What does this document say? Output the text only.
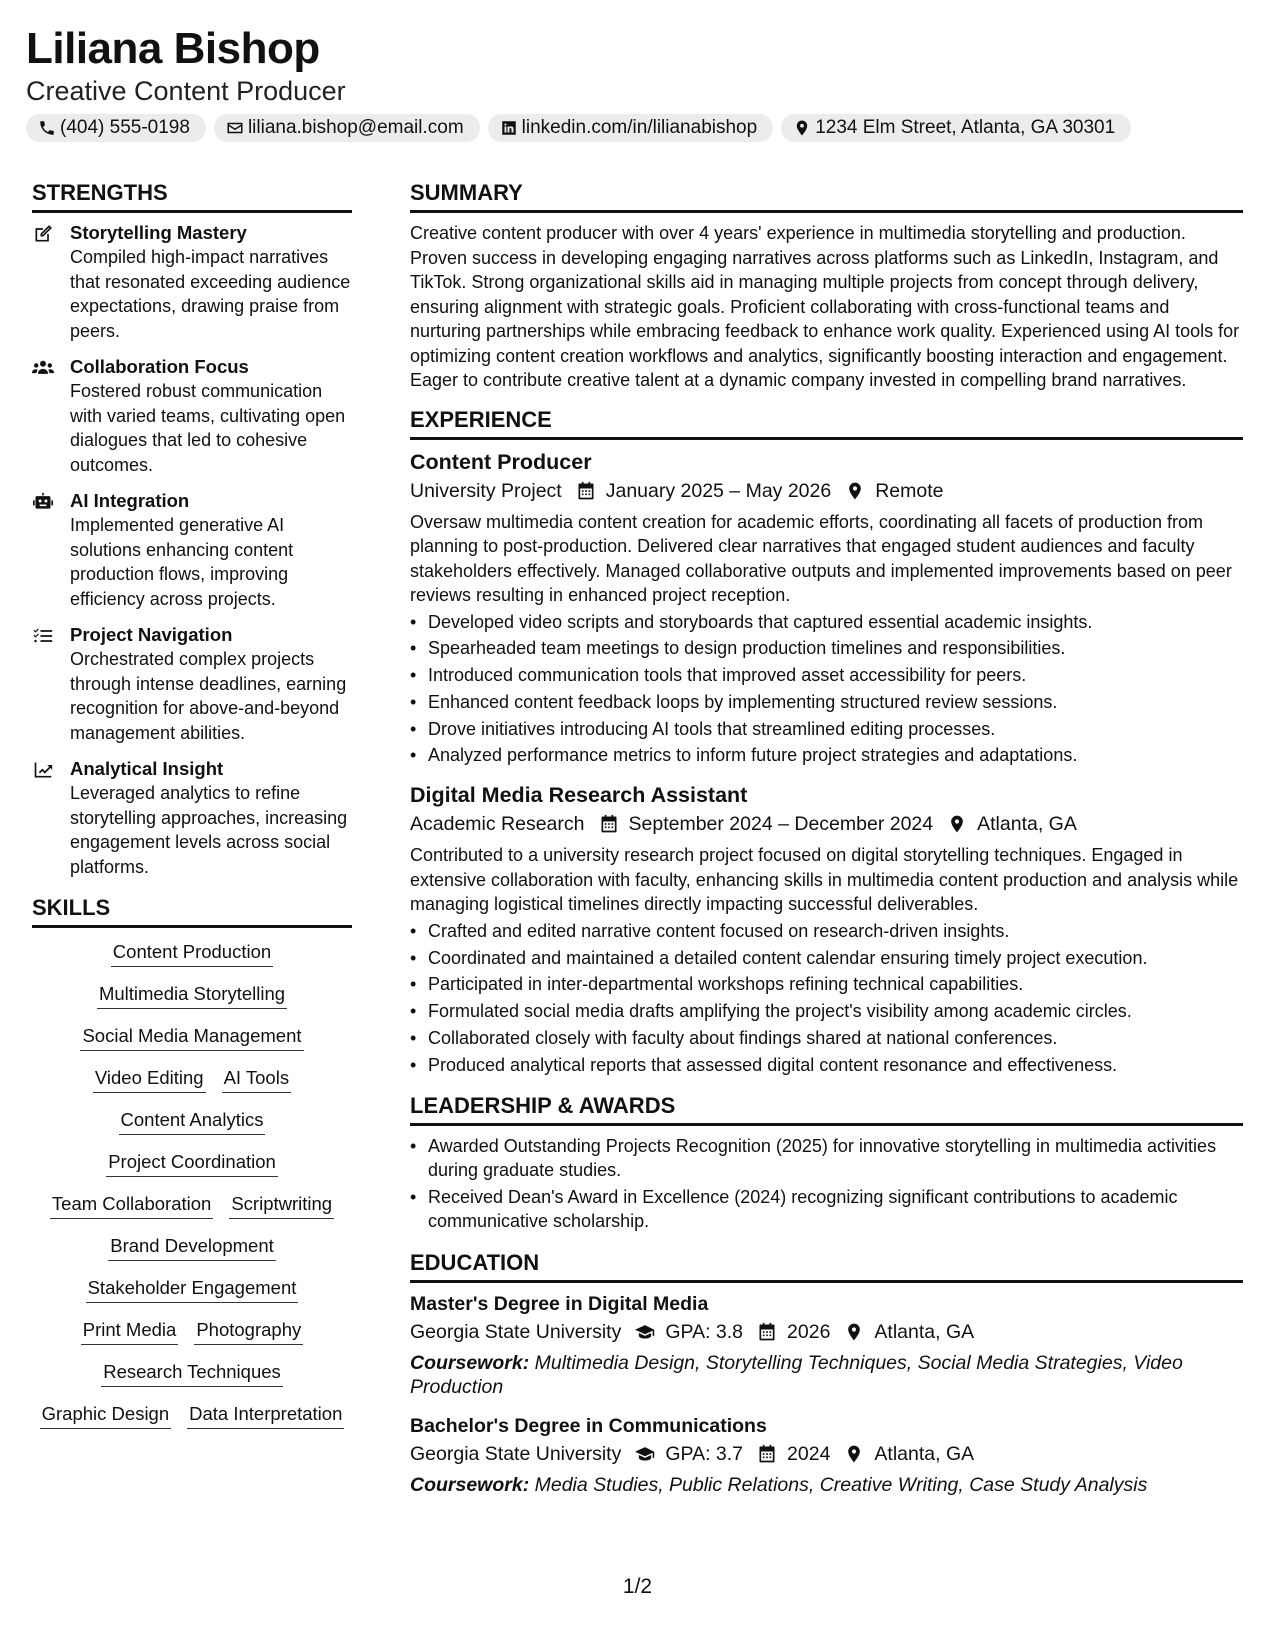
Liliana Bishop
Creative Content Producer
(404) 555-0198	liliana.bishop@email.com	linkedin.com/in/lilianabishop	1234 Elm Street, Atlanta, GA 30301
STRENGTHS
Storytelling Mastery
Compiled high-impact narratives that resonated exceeding audience expectations, drawing praise from peers.
Collaboration Focus
Fostered robust communication with varied teams, cultivating open dialogues that led to cohesive outcomes.
AI Integration
Implemented generative AI solutions enhancing content production flows, improving efficiency across projects.
Project Navigation
Orchestrated complex projects through intense deadlines, earning recognition for above-and-beyond management abilities.
Analytical Insight
Leveraged analytics to refine storytelling approaches, increasing engagement levels across social platforms.
SKILLS
Content Production
Multimedia Storytelling
Social Media Management
Video Editing AI Tools
Content Analytics
Project Coordination
Team Collaboration Scriptwriting
Brand Development
Stakeholder Engagement
Print Media Photography
Research Techniques
Graphic Design Data Interpretation
SUMMARY
Creative content producer with over 4 years' experience in multimedia storytelling and production. Proven success in developing engaging narratives across platforms such as LinkedIn, Instagram, and TikTok. Strong organizational skills aid in managing multiple projects from concept through delivery, ensuring alignment with strategic goals. Proficient collaborating with cross-functional teams and nurturing partnerships while embracing feedback to enhance work quality. Experienced using AI tools for optimizing content creation workflows and analytics, significantly boosting interaction and engagement. Eager to contribute creative talent at a dynamic company invested in compelling brand narratives.
EXPERIENCE
Content Producer
University Project January 2025 – May 2026 Remote
Oversaw multimedia content creation for academic efforts, coordinating all facets of production from planning to post-production. Delivered clear narratives that engaged student audiences and faculty stakeholders effectively. Managed collaborative outputs and implemented improvements based on peer reviews resulting in enhanced project reception.
• Developed video scripts and storyboards that captured essential academic insights.
• Spearheaded team meetings to design production timelines and responsibilities.
• Introduced communication tools that improved asset accessibility for peers.
• Enhanced content feedback loops by implementing structured review sessions.
• Drove initiatives introducing AI tools that streamlined editing processes.
• Analyzed performance metrics to inform future project strategies and adaptations.
Digital Media Research Assistant
Academic Research September 2024 – December 2024 Atlanta, GA
Contributed to a university research project focused on digital storytelling techniques. Engaged in extensive collaboration with faculty, enhancing skills in multimedia content production and analysis while managing logistical timelines directly impacting successful deliverables.
• Crafted and edited narrative content focused on research-driven insights.
• Coordinated and maintained a detailed content calendar ensuring timely project execution.
• Participated in inter-departmental workshops refining technical capabilities.
• Formulated social media drafts amplifying the project's visibility among academic circles.
• Collaborated closely with faculty about findings shared at national conferences.
• Produced analytical reports that assessed digital content resonance and effectiveness.
LEADERSHIP & AWARDS
• Awarded Outstanding Projects Recognition (2025) for innovative storytelling in multimedia activities during graduate studies.
• Received Dean's Award in Excellence (2024) recognizing significant contributions to academic communicative scholarship.
EDUCATION
Master's Degree in Digital Media
Georgia State University GPA: 3.8 2026 Atlanta, GA
Coursework: Multimedia Design, Storytelling Techniques, Social Media Strategies, Video Production
Bachelor's Degree in Communications
Georgia State University GPA: 3.7 2024 Atlanta, GA
Coursework: Media Studies, Public Relations, Creative Writing, Case Study Analysis
1/2
